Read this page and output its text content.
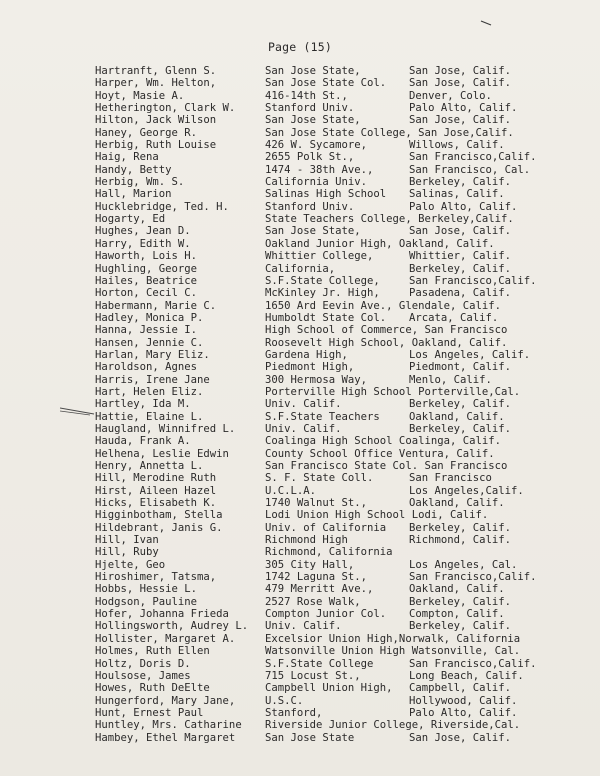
Page (15)
Hartranft, Glenn S.	San Jose State,	San Jose, Calif.
Harper, Wm. Helton,	San Jose State Col. San Jose, Calif.
Hoyt, Masie A.	416-14th St.,	Denver, Colo.
Hetherington, Clark W.	Stanford Univ.	Palo Alto, Calif.
Hilton, Jack Wilson	San Jose State,	San Jose, Calif.
Haney, George R.	San Jose State College, San Jose,Calif.
Herbig, Ruth Louise	426 W. Sycamore,	Willows, Calif.
Haig, Rena	2655 Polk St.,	San Francisco,Calif.
Handy, Betty	1474 - 38th Ave.,	San Francisco, Cal.
Herbig, Wm. S.	California Univ.	Berkeley, Calif.
Hall, Marion	Salinas High School Salinas, Calif.
Hucklebridge, Ted. H.	Stanford Univ.	Palo Alto, Calif.
Hogarty, Ed	State Teachers College, Berkeley,Calif.
Hughes, Jean D.	San Jose State,	San Jose, Calif.
Harry, Edith W.	Oakland Junior High, Oakland, Calif.
Haworth, Lois H.	Whittier College,	Whittier, Calif.
Hughling, George	California,	Berkeley, Calif.
Hailes, Beatrice	S.F.State College,	San Francisco,Calif.
Horton, Cecil C.	McKinley Jr. High,	Pasadena, Calif.
Habermann, Marie C.	1650 Ard Eevin Ave., Glendale, Calif.
Hadley, Monica P.	Humboldt State Col. Arcata, Calif.
Hanna, Jessie I.	High School of Commerce, San Francisco
Hansen, Jennie C.	Roosevelt High School, Oakland, Calif.
Harlan, Mary Eliz.	Gardena High,	Los Angeles, Calif.
Haroldson, Agnes	Piedmont High,	Piedmont, Calif.
Harris, Irene Jane	300 Hermosa Way,	Menlo, Calif.
Hart, Helen Eliz.	Porterville High School Porterville,Cal.
Hartley, Ida M.	Univ. Calif.	Berkeley, Calif.
Hattie, Elaine L.	S.F.State Teachers	Oakland, Calif.
Haugland, Winnifred L.	Univ. Calif.	Berkeley, Calif.
Hauda, Frank A.	Coalinga High School Coalinga, Calif.
Helhena, Leslie Edwin	County School Office Ventura, Calif.
Henry, Annetta L.	San Francisco State Col. San Francisco
Hill, Merodine Ruth	S. F. State Coll.	San Francisco
Hirst, Aileen Hazel	U.C.L.A.	Los Angeles,Calif.
Hicks, Elisabeth K.	1740 Walnut St.,	Oakland, Calif.
Higginbotham, Stella	Lodi Union High School Lodi, Calif.
Hildebrant, Janis G.	Univ. of California Berkeley, Calif.
Hill, Ivan	Richmond High	Richmond, Calif.
Hill, Ruby	Richmond, California
Hjelte, Geo	305 City Hall,	Los Angeles, Cal.
Hiroshimer, Tatsma,	1742 Laguna St.,	San Francisco,Calif.
Hobbs, Hessie L.	479 Merritt Ave.,	Oakland, Calif.
Hodgson, Pauline	2527 Rose Walk,	Berkeley, Calif.
Hofer, Johanna Frieda	Compton Junior Col. Compton, Calif.
Hollingsworth, Audrey L. Univ. Calif.	Berkeley, Calif.
Hollister, Margaret A.	Excelsior Union High,Norwalk, California
Holmes, Ruth Ellen	Watsonville Union High Watsonville, Cal.
Holtz, Doris D.	S.F.State College	San Francisco,Calif.
Houlsose, James	715 Locust St.,	Long Beach, Calif.
Howes, Ruth DeElte	Campbell Union High, Campbell, Calif.
Hungerford, Mary Jane,	U.S.C.	Hollywood, Calif.
Hunt, Ernest Paul	Stanford,	Palo Alto, Calif.
Huntley, Mrs. Catharine Riverside Junior College, Riverside,Cal.
Hambey, Ethel Margaret	San Jose State	San Jose, Calif.
